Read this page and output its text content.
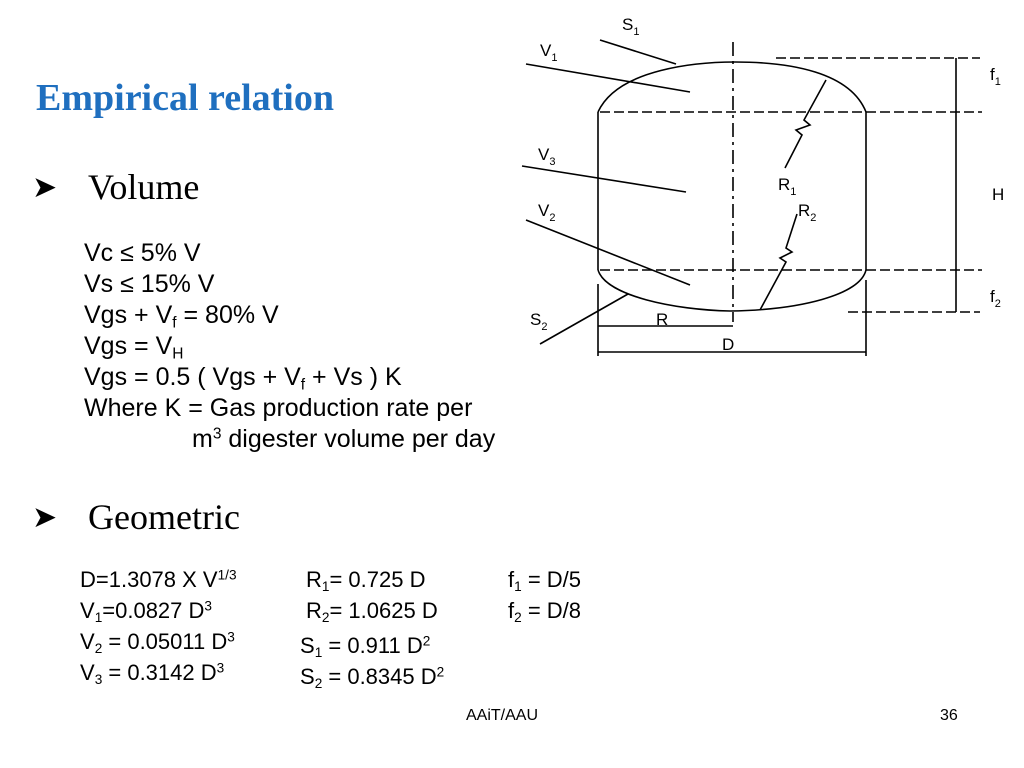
Empirical relation
➤ Volume
Vc ≤ 5% V
Vs ≤ 15% V
Vgs + $V_f = 80\%$ V
Vgs = $V_H$
Vgs = 0.5 ( Vgs + $V_f + Vs$ ) K
Where K = Gas production rate per
$m^3$ digester volume per day
➤ Geometric
D=1.3078 X $V^{1/3}$
$V_1=0.0827$ $D^3$
$V_2 = 0.05011$ $D^3$
$V_3 = 0.3142$ $D^3$
$R_1= 0.725$ D
$R_2= 1.0625$ D
$S_1 = 0.911$ $D^2$
$S_2 = 0.8345$ $D^2$
$f_1 = D/5$
$f_2 = D/8$
$S_1$
$V_1$
$V_3$
$V_2$
$S_2$
$R_1$
$R_2$
$f_1$
$f_2$
H
R
D
AAiT/AAU	36
